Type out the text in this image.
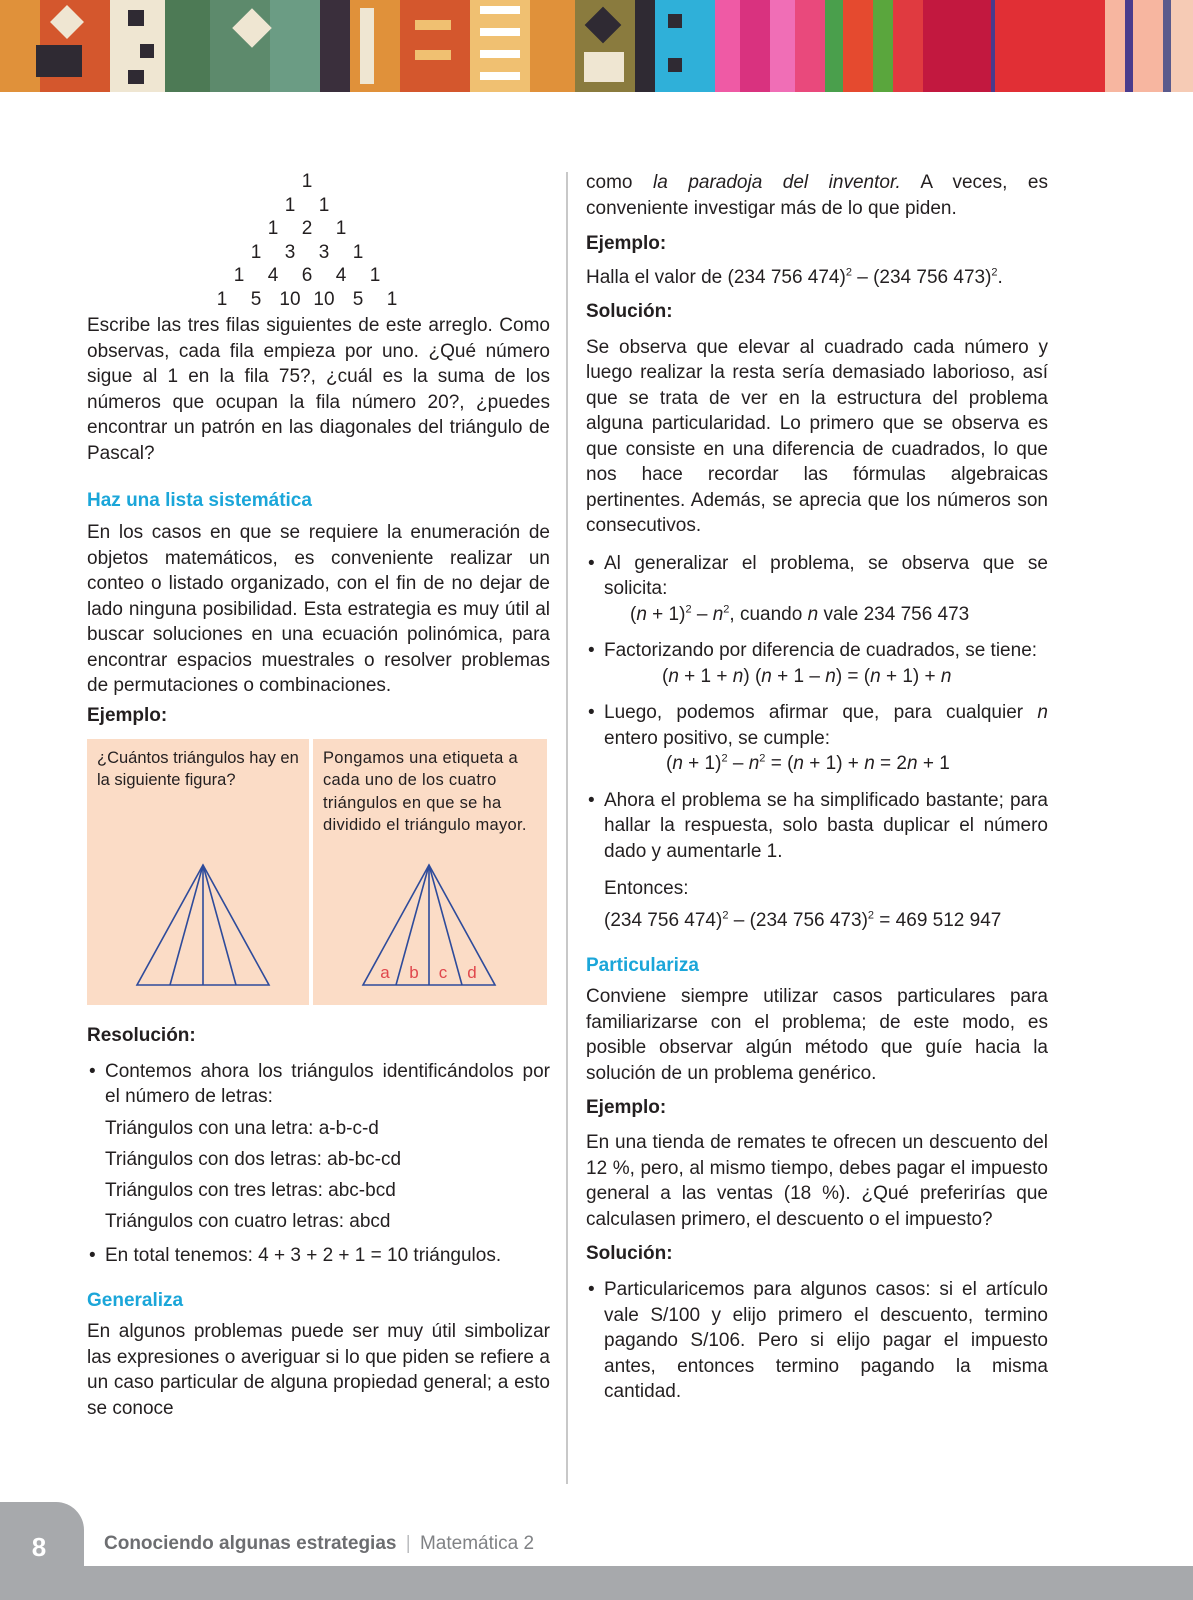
1
1 1
1 2 1
1 3 3 1
1 4 6 4 1
1 5 10 10 5 1

Escribe las tres filas siguientes de este arreglo. Como observas, cada fila empieza por uno. ¿Qué número sigue al 1 en la fila 75?, ¿cuál es la suma de los números que ocupan la fila número 20?, ¿puedes encontrar un patrón en las diagonales del triángulo de Pascal?

Haz una lista sistemática

En los casos en que se requiere la enumeración de objetos matemáticos, es conveniente realizar un conteo o listado organizado, con el fin de no dejar de lado ninguna posibilidad. Esta estrategia es muy útil al buscar soluciones en una ecuación polinómica, para encontrar espacios muestrales o resolver problemas de permutaciones o combinaciones.

Ejemplo:

¿Cuántos triángulos hay en la siguiente figura?
Pongamos una etiqueta a cada uno de los cuatro triángulos en que se ha dividido el triángulo mayor.
a b c d

Resolución:

• Contemos ahora los triángulos identificándolos por el número de letras:
Triángulos con una letra: a-b-c-d
Triángulos con dos letras: ab-bc-cd
Triángulos con tres letras: abc-bcd
Triángulos con cuatro letras: abcd
• En total tenemos: 4 + 3 + 2 + 1 = 10 triángulos.

Generaliza

En algunos problemas puede ser muy útil simbolizar las expresiones o averiguar si lo que piden se refiere a un caso particular de alguna propiedad general; a esto se conoce

como la paradoja del inventor. A veces, es conveniente investigar más de lo que piden.

Ejemplo:

Halla el valor de (234 756 474)$^2$ – (234 756 473)$^2$.

Solución:

Se observa que elevar al cuadrado cada número y luego realizar la resta sería demasiado laborioso, así que se trata de ver en la estructura del problema alguna particularidad. Lo primero que se observa es que consiste en una diferencia de cuadrados, lo que nos hace recordar las fórmulas algebraicas pertinentes. Además, se aprecia que los números son consecutivos.

• Al generalizar el problema, se observa que se solicita:
$(n + 1)^2 - n^2$, cuando n vale 234 756 473
• Factorizando por diferencia de cuadrados, se tiene:
(n + 1 + n) (n + 1 – n) = (n + 1) + n
• Luego, podemos afirmar que, para cualquier n entero positivo, se cumple:
$(n + 1)^2 - n^2 = (n + 1) + n = 2n + 1$
• Ahora el problema se ha simplificado bastante; para hallar la respuesta, solo basta duplicar el número dado y aumentarle 1.
Entonces:
(234 756 474)$^2$ – (234 756 473)$^2$ = 469 512 947

Particulariza

Conviene siempre utilizar casos particulares para familiarizarse con el problema; de este modo, es posible observar algún método que guíe hacia la solución de un problema genérico.

Ejemplo:

En una tienda de remates te ofrecen un descuento del 12 %, pero, al mismo tiempo, debes pagar el impuesto general a las ventas (18 %). ¿Qué preferirías que calculasen primero, el descuento o el impuesto?

Solución:

• Particularicemos para algunos casos: si el artículo vale S/100 y elijo primero el descuento, termino pagando S/106. Pero si elijo pagar el impuesto antes, entonces termino pagando la misma cantidad.
8	Conociendo algunas estrategias | Matemática 2
